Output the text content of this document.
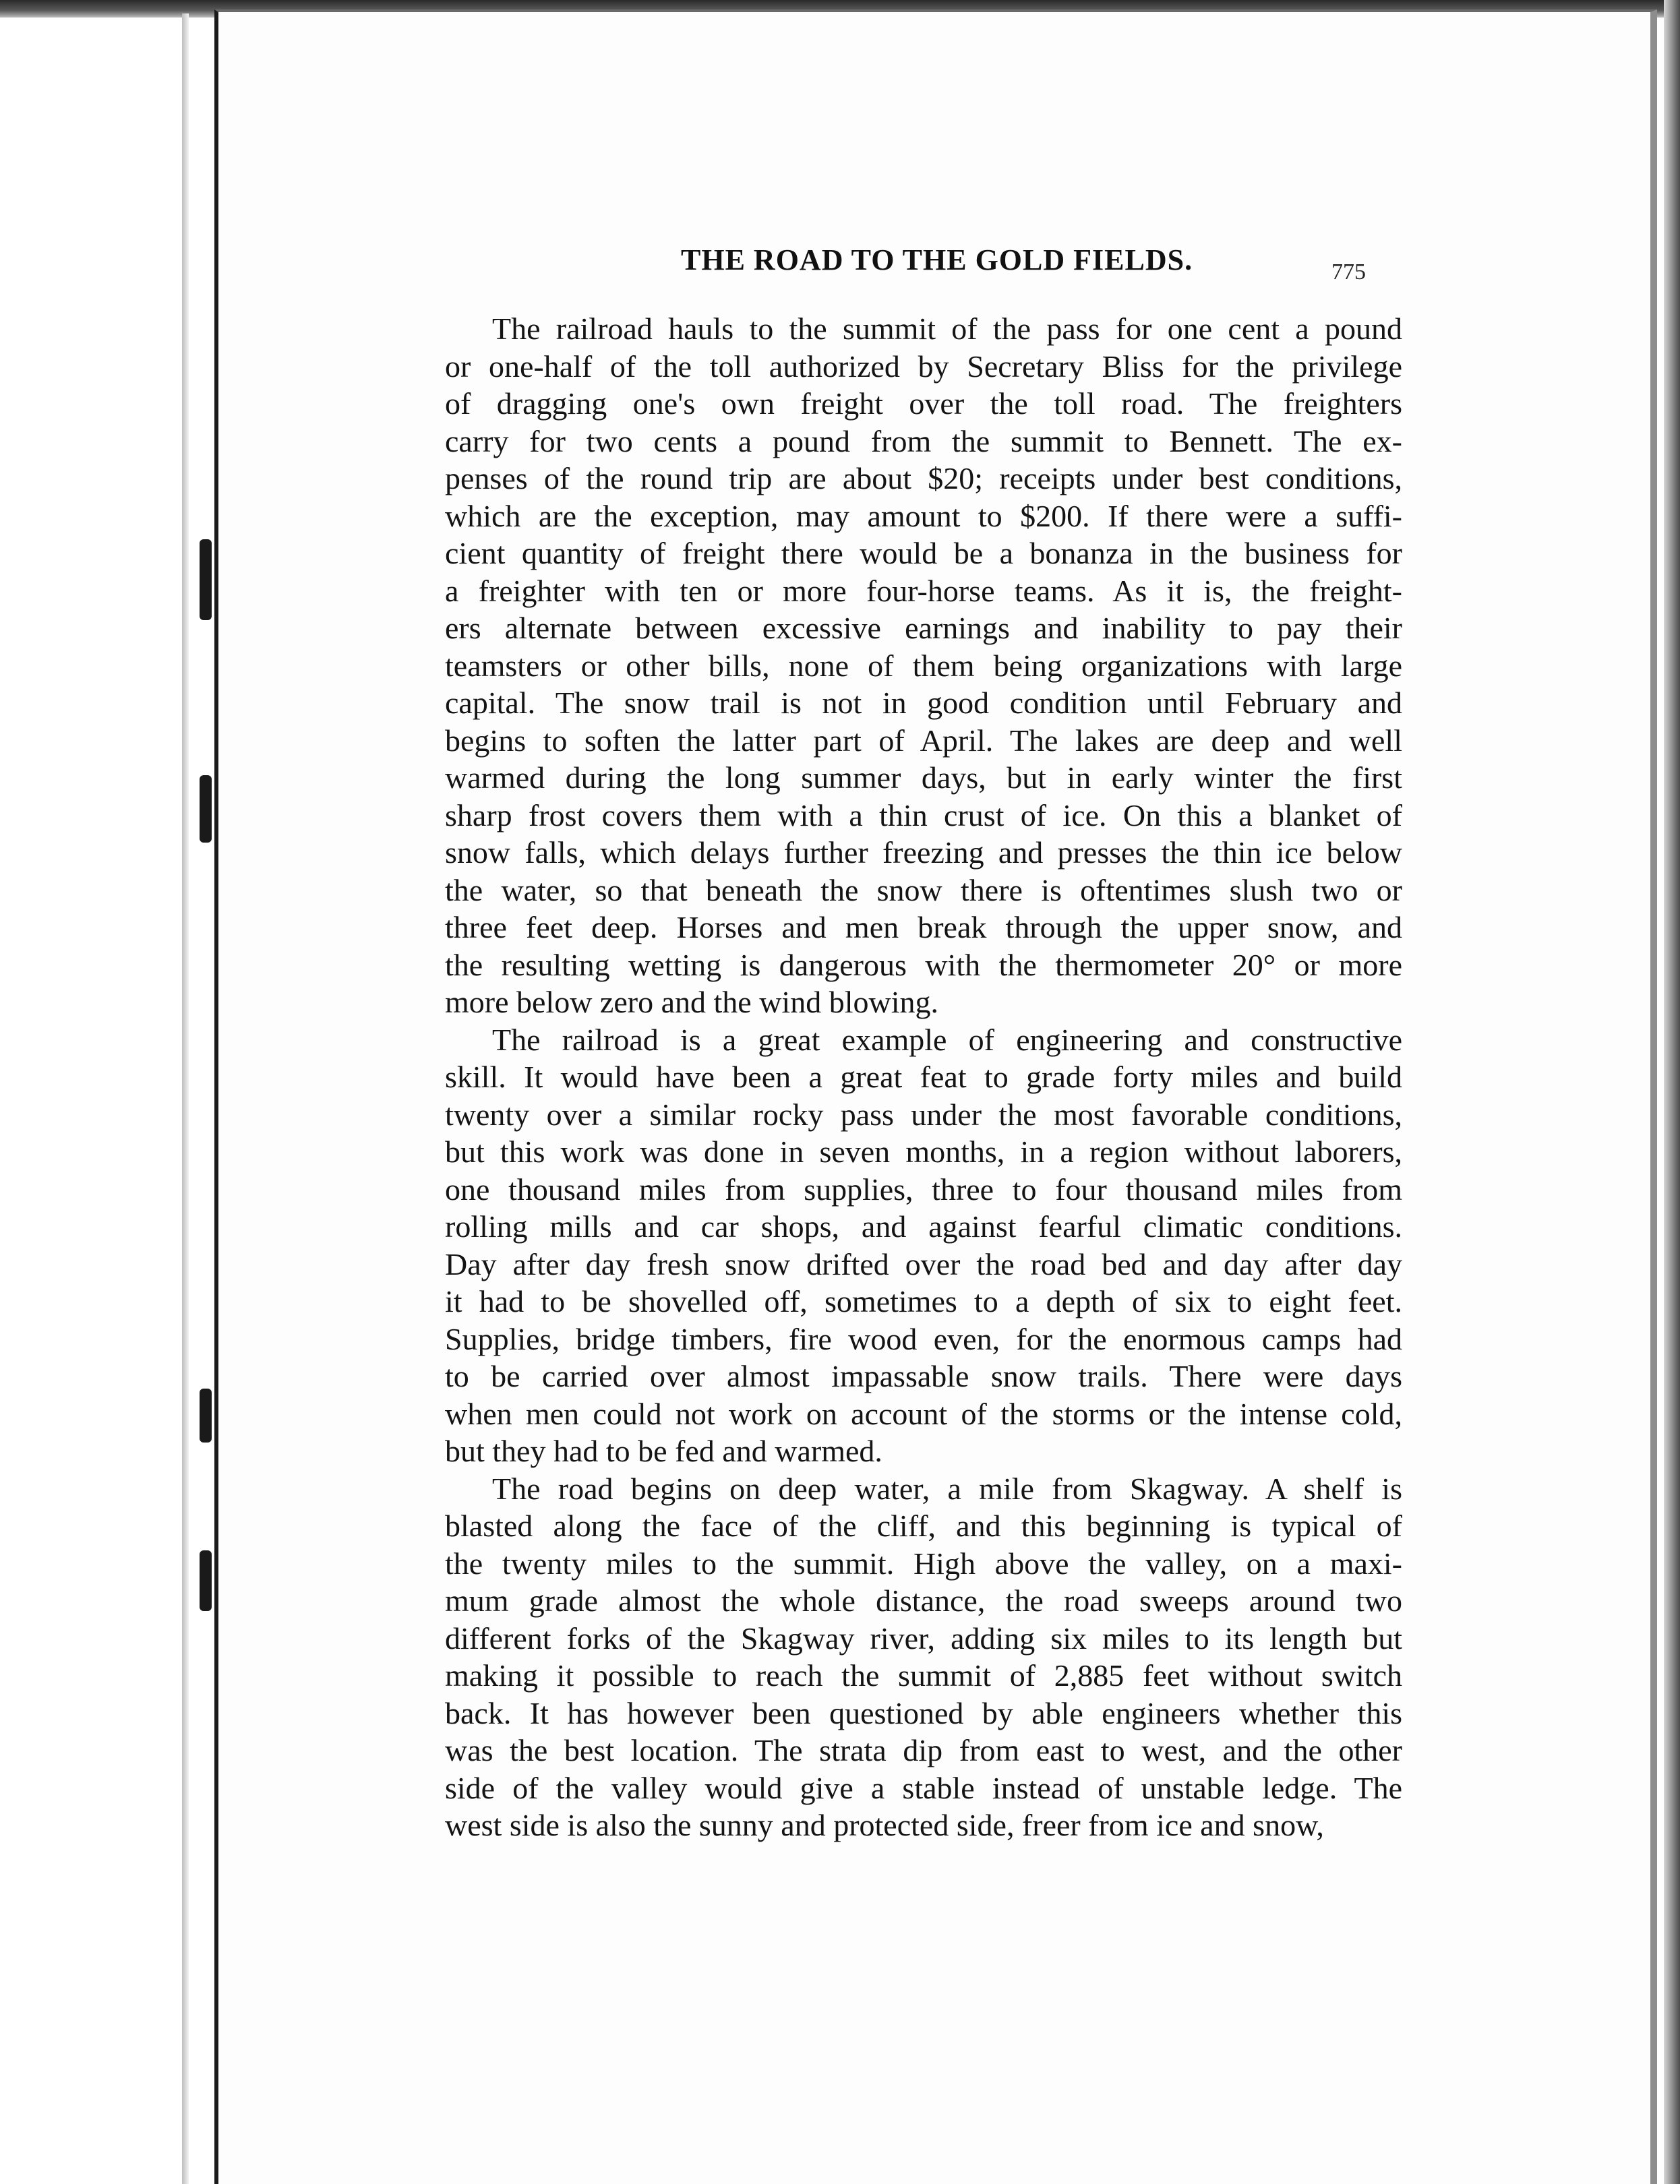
THE ROAD TO THE GOLD FIELDS.	775
The railroad hauls to the summit of the pass for one cent a pound
or one-half of the toll authorized by Secretary Bliss for the privilege
of dragging one's own freight over the toll road. The freighters
carry for two cents a pound from the summit to Bennett. The ex-
penses of the round trip are about $20; receipts under best conditions,
which are the exception, may amount to $200. If there were a suffi-
cient quantity of freight there would be a bonanza in the business for
a freighter with ten or more four-horse teams. As it is, the freight-
ers alternate between excessive earnings and inability to pay their
teamsters or other bills, none of them being organizations with large
capital. The snow trail is not in good condition until February and
begins to soften the latter part of April. The lakes are deep and well
warmed during the long summer days, but in early winter the first
sharp frost covers them with a thin crust of ice. On this a blanket of
snow falls, which delays further freezing and presses the thin ice below
the water, so that beneath the snow there is oftentimes slush two or
three feet deep. Horses and men break through the upper snow, and
the resulting wetting is dangerous with the thermometer 20° or more
more below zero and the wind blowing.
The railroad is a great example of engineering and constructive
skill. It would have been a great feat to grade forty miles and build
twenty over a similar rocky pass under the most favorable conditions,
but this work was done in seven months, in a region without laborers,
one thousand miles from supplies, three to four thousand miles from
rolling mills and car shops, and against fearful climatic conditions.
Day after day fresh snow drifted over the road bed and day after day
it had to be shovelled off, sometimes to a depth of six to eight feet.
Supplies, bridge timbers, fire wood even, for the enormous camps had
to be carried over almost impassable snow trails. There were days
when men could not work on account of the storms or the intense cold,
but they had to be fed and warmed.
The road begins on deep water, a mile from Skagway. A shelf is
blasted along the face of the cliff, and this beginning is typical of
the twenty miles to the summit. High above the valley, on a maxi-
mum grade almost the whole distance, the road sweeps around two
different forks of the Skagway river, adding six miles to its length but
making it possible to reach the summit of 2,885 feet without switch
back. It has however been questioned by able engineers whether this
was the best location. The strata dip from east to west, and the other
side of the valley would give a stable instead of unstable ledge. The
west side is also the sunny and protected side, freer from ice and snow,
